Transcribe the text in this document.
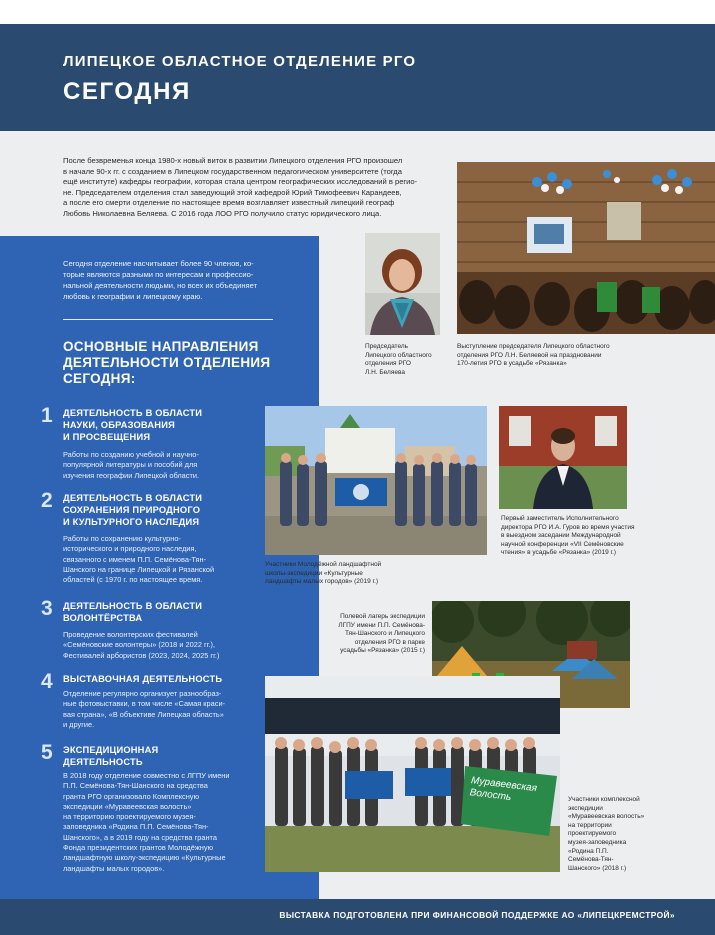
ЛИПЕЦКОЕ ОБЛАСТНОЕ ОТДЕЛЕНИЕ РГО
СЕГОДНЯ
После безвременья конца 1980-х новый виток в развитии Липецкого отделения РГО произошел
в начале 90-х гг. с созданием в Липецком государственном педагогическом университете (тогда
ещё институте) кафедры географии, которая стала центром географических исследований в регио-
не. Председателем отделения стал заведующий этой кафедрой Юрий Тимофеевич Карандеев,
а после его смерти отделение по настоящее время возглавляет известный липецкий географ
Любовь Николаевна Беляева. С 2016 года ЛОО РГО получило статус юридического лица.
Сегодня отделение насчитывает более 90 членов, ко-
торые являются разными по интересам и профессио-
нальной деятельности людьми, но всех их объединяет
любовь к географии и липецкому краю.
ОСНОВНЫЕ НАПРАВЛЕНИЯ
ДЕЯТЕЛЬНОСТИ ОТДЕЛЕНИЯ
СЕГОДНЯ:
1 ДЕЯТЕЛЬНОСТЬ В ОБЛАСТИ
НАУКИ, ОБРАЗОВАНИЯ
И ПРОСВЕЩЕНИЯ
Работы по созданию учебной и научно-
популярной литературы и пособий для
изучения географии Липецкой области.
2 ДЕЯТЕЛЬНОСТЬ В ОБЛАСТИ
СОХРАНЕНИЯ ПРИРОДНОГО
И КУЛЬТУРНОГО НАСЛЕДИЯ
Работы по сохранению культурно-
исторического и природного наследия,
связанного с именем П.П. Семёнова-Тян-
Шанского на границе Липецкой и Рязанской
областей (с 1970 г. по настоящее время.
3 ДЕЯТЕЛЬНОСТЬ В ОБЛАСТИ
ВОЛОНТЁРСТВА
Проведение волонтерских фестивалей
«Семёновские волонтеры» (2018 и 2022 гг.),
Фестивалей арбористов (2023, 2024, 2025 гг.)
4 ВЫСТАВОЧНАЯ ДЕЯТЕЛЬНОСТЬ
Отделение регулярно организует разнообраз-
ные фотовыставки, в том числе «Самая краси-
вая страна», «В объективе Липецкая область»
и другие.
5 ЭКСПЕДИЦИОННАЯ
ДЕЯТЕЛЬНОСТЬ
В 2018 году отделение совместно с ЛГПУ имени
П.П. Семёнова-Тян-Шанского на средства
гранта РГО организовало Комплексную
экспедиции «Муравеевская волость»
на территорию проектируемого музея-
заповедника «Родина П.П. Семёнова-Тян-
Шанского», а в 2019 году на средства гранта
Фонда президентских грантов Молодёжную
ландшафтную школу-экспедицию «Культурные
ландшафты малых городов».
Председатель
Липецкого областного
отделения РГО
Л.Н. Беляева
Выступление председателя Липецкого областного
отделения РГО Л.Н. Беляевой на праздновании
170-летия РГО в усадьбе «Рязанка»
Участники Молодёжной ландшафтной
школы-экспедиции «Культурные
ландшафты малых городов» (2019 г.)
Первый заместитель Исполнительного
директора РГО И.А. Гуров во время участия
в выездном заседании Международной
научной конференции «VII Семёновские
чтения» в усадьбе «Рязанка» (2019 г.)
Полевой лагерь экспедиции
ЛГПУ имени П.П. Семёнова-
Тян-Шанского и Липецкого
отделения РГО в парке
усадьбы «Рязанка» (2015 г.)
Муравеевская Волость	Участники комплексной
экспедиции
«Муравеевская волость»
на территории
проектируемого
музея-заповедника
«Родина П.П.
Семёнова-Тян-
Шанского» (2018 г.)
ВЫСТАВКА ПОДГОТОВЛЕНА ПРИ ФИНАНСОВОЙ ПОДДЕРЖКЕ АО «ЛИПЕЦКРЕМСТРОЙ»
